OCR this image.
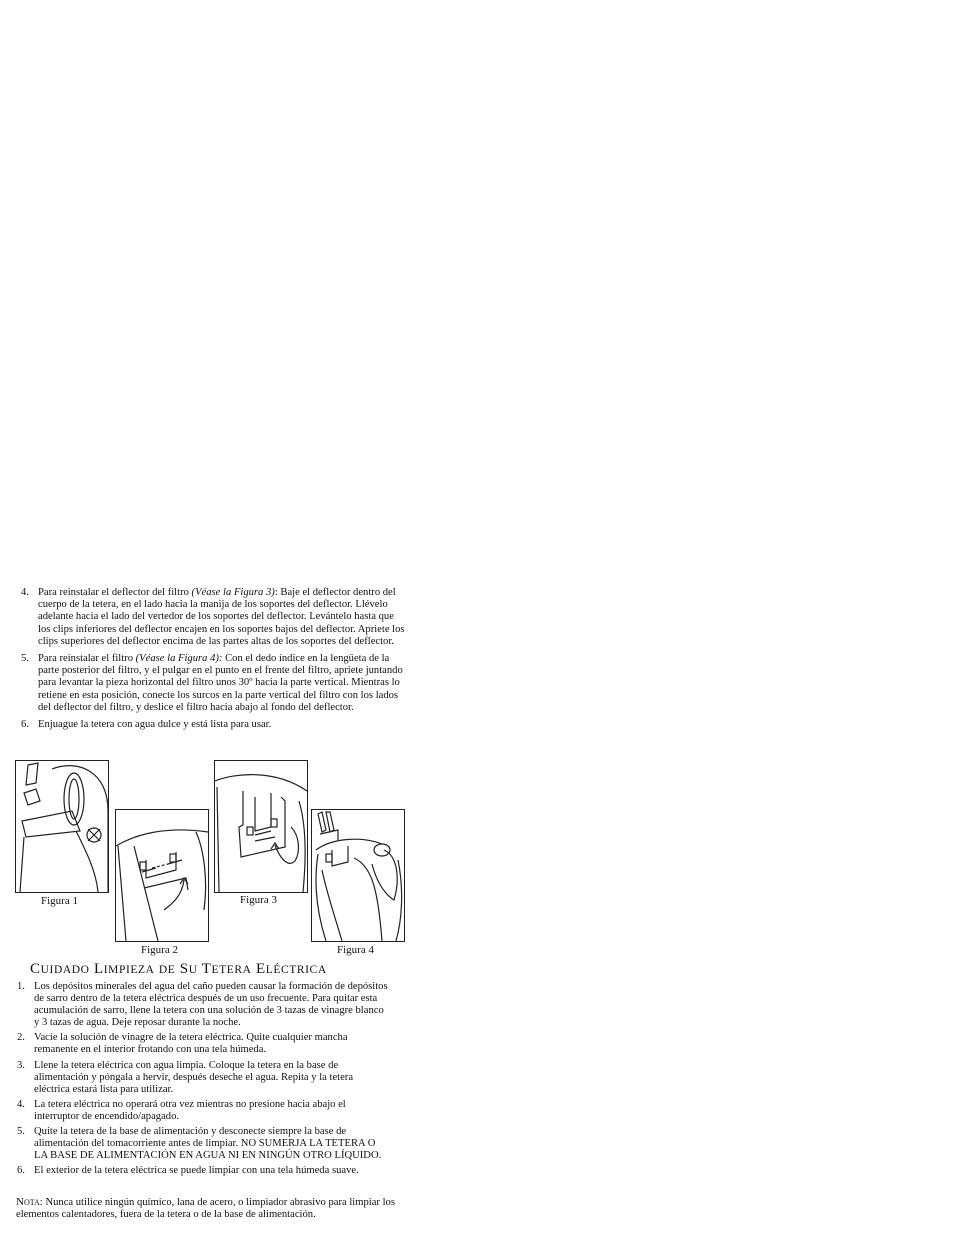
4. Para reinstalar el deflector del filtro (Véase la Figura 3): Baje el deflector dentro del cuerpo de la tetera, en el lado hacia la manija de los soportes del deflector. Llévelo adelante hacia el lado del vertedor de los soportes del deflector. Levántelo hasta que los clips inferiores del deflector encajen en los soportes bajos del deflector. Apriete los clips superiores del deflector encima de las partes altas de los soportes del deflector.
5. Para reinstalar el filtro (Véase la Figura 4): Con el dedo índice en la lengüeta de la parte posterior del filtro, y el pulgar en el punto en el frente del filtro, apriete juntando para levantar la pieza horizontal del filtro unos 30º hacia la parte vertical. Mientras lo retiene en esta posición, conecte los surcos en la parte vertical del filtro con los lados del deflector del filtro, y deslice el filtro hacia abajo al fondo del deflector.
6. Enjuague la tetera con agua dulce y está lista para usar.
Figura 1
Figura 2
Figura 3
Figura 4
CUIDADO LIMPIEZA DE SU TETERA ELÉCTRICA
1. Los depósitos minerales del agua del caño pueden causar la formación de depósitos de sarro dentro de la tetera eléctrica después de un uso frecuente. Para quitar esta acumulación de sarro, llene la tetera con una solución de 3 tazas de vinagre blanco y 3 tazas de agua. Deje reposar durante la noche.
2. Vacíe la solución de vinagre de la tetera eléctrica. Quite cualquier mancha remanente en el interior frotando con una tela húmeda.
3. Llene la tetera eléctrica con agua limpia. Coloque la tetera en la base de alimentación y póngala a hervir, después deseche el agua. Repita y la tetera eléctrica estará lista para utilizar.
4. La tetera eléctrica no operará otra vez mientras no presione hacia abajo el interruptor de encendido/apagado.
5. Quite la tetera de la base de alimentación y desconecte siempre la base de alimentación del tomacorriente antes de limpiar. NO SUMERJA LA TETERA O LA BASE DE ALIMENTACIÓN EN AGUA NI EN NINGÚN OTRO LÍQUIDO.
6. El exterior de la tetera eléctrica se puede limpiar con una tela húmeda suave.
Nota: Nunca utilice ningún químico, lana de acero, o limpiador abrasivo para limpiar los elementos calentadores, fuera de la tetera o de la base de alimentación.
